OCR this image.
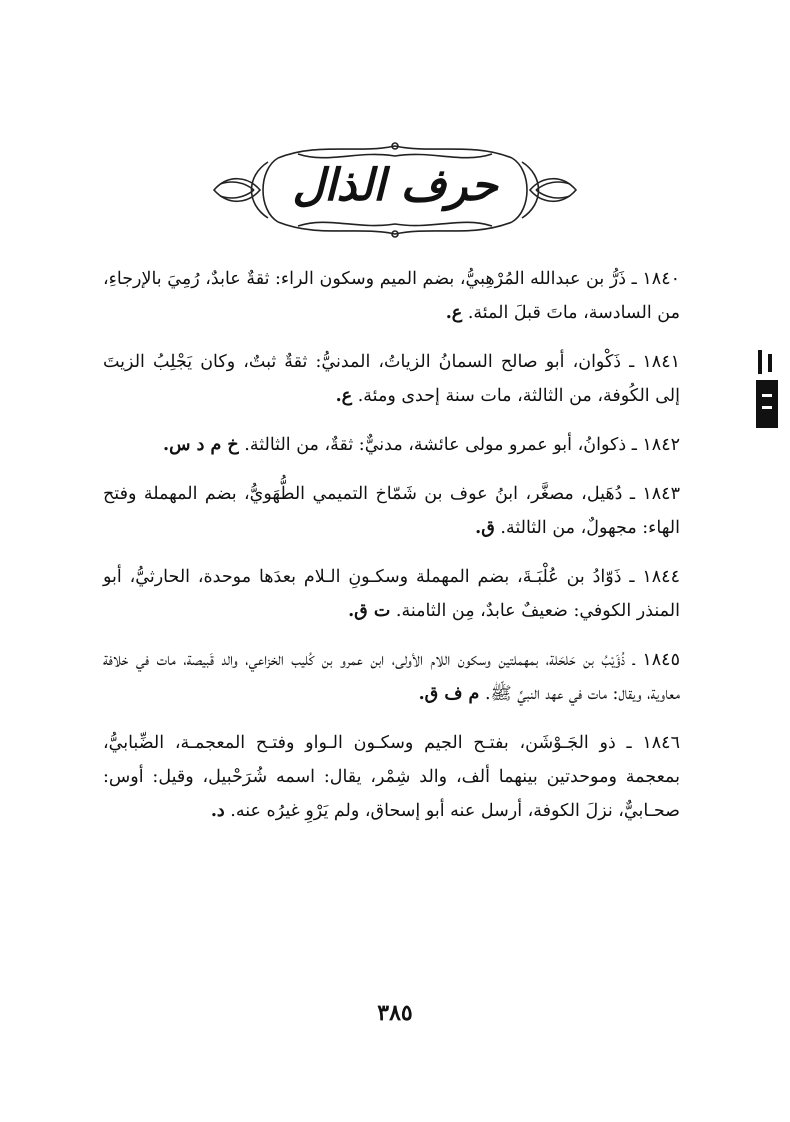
حرف الذال

١٨٤٠ ـ ذَرُّ بن عبدالله المُرْهِبيُّ، بضم الميم وسكون الراء: ثقةٌ عابدٌ، رُمِيَ بالإرجاءِ، من السادسة، ماتَ قبلَ المئة. ع.

١٨٤١ ـ ذَكْوان، أبو صالح السمانُ الزياتُ، المدنيُّ: ثقةٌ ثبتٌ، وكان يَجْلِبُ الزيتَ إلى الكُوفة، من الثالثة، مات سنة إحدى ومئة. ع.

١٨٤٢ ـ ذكوانُ، أبو عمرو مولى عائشة، مدنيٌّ: ثقةٌ، من الثالثة. خ م د س.

١٨٤٣ ـ دُهَيل، مصغَّر، ابنُ عوف بن شَمّاخ التميمي الطُّهَويُّ، بضم المهملة وفتح الهاء: مجهولٌ، من الثالثة. ق.

١٨٤٤ ـ ذَوّادُ بن عُلْبَـةَ، بضم المهملة وسكـونِ الـلام بعدَها موحدة، الحارثيُّ، أبو المنذر الكوفي: ضعيفٌ عابدٌ، مِن الثامنة. ت ق.

١٨٤٥ ـ ذُؤَيْبُ بن حَلحَلة، بمهملتين وسكون اللام الأولى، ابن عمرو بن كُليب الخزاعي، والد قَبيصة، مات في خلافة معاوية، ويقال: مات في عهد النبيِّ ﷺ. م ف ق.

١٨٤٦ ـ ذو الجَـوْشَن، بفتـح الجيم وسكـون الـواو وفتـح المعجمـة، الضِّبابيُّ، بمعجمة وموحدتين بينهما ألف، والد شِمْر، يقال: اسمه شُرَحْبيل، وقيل: أوس: صحـابيٌّ، نزلَ الكوفة، أرسل عنه أبو إسحاق، ولم يَرْوِ غيرُه عنه. د.

٣٨٥
